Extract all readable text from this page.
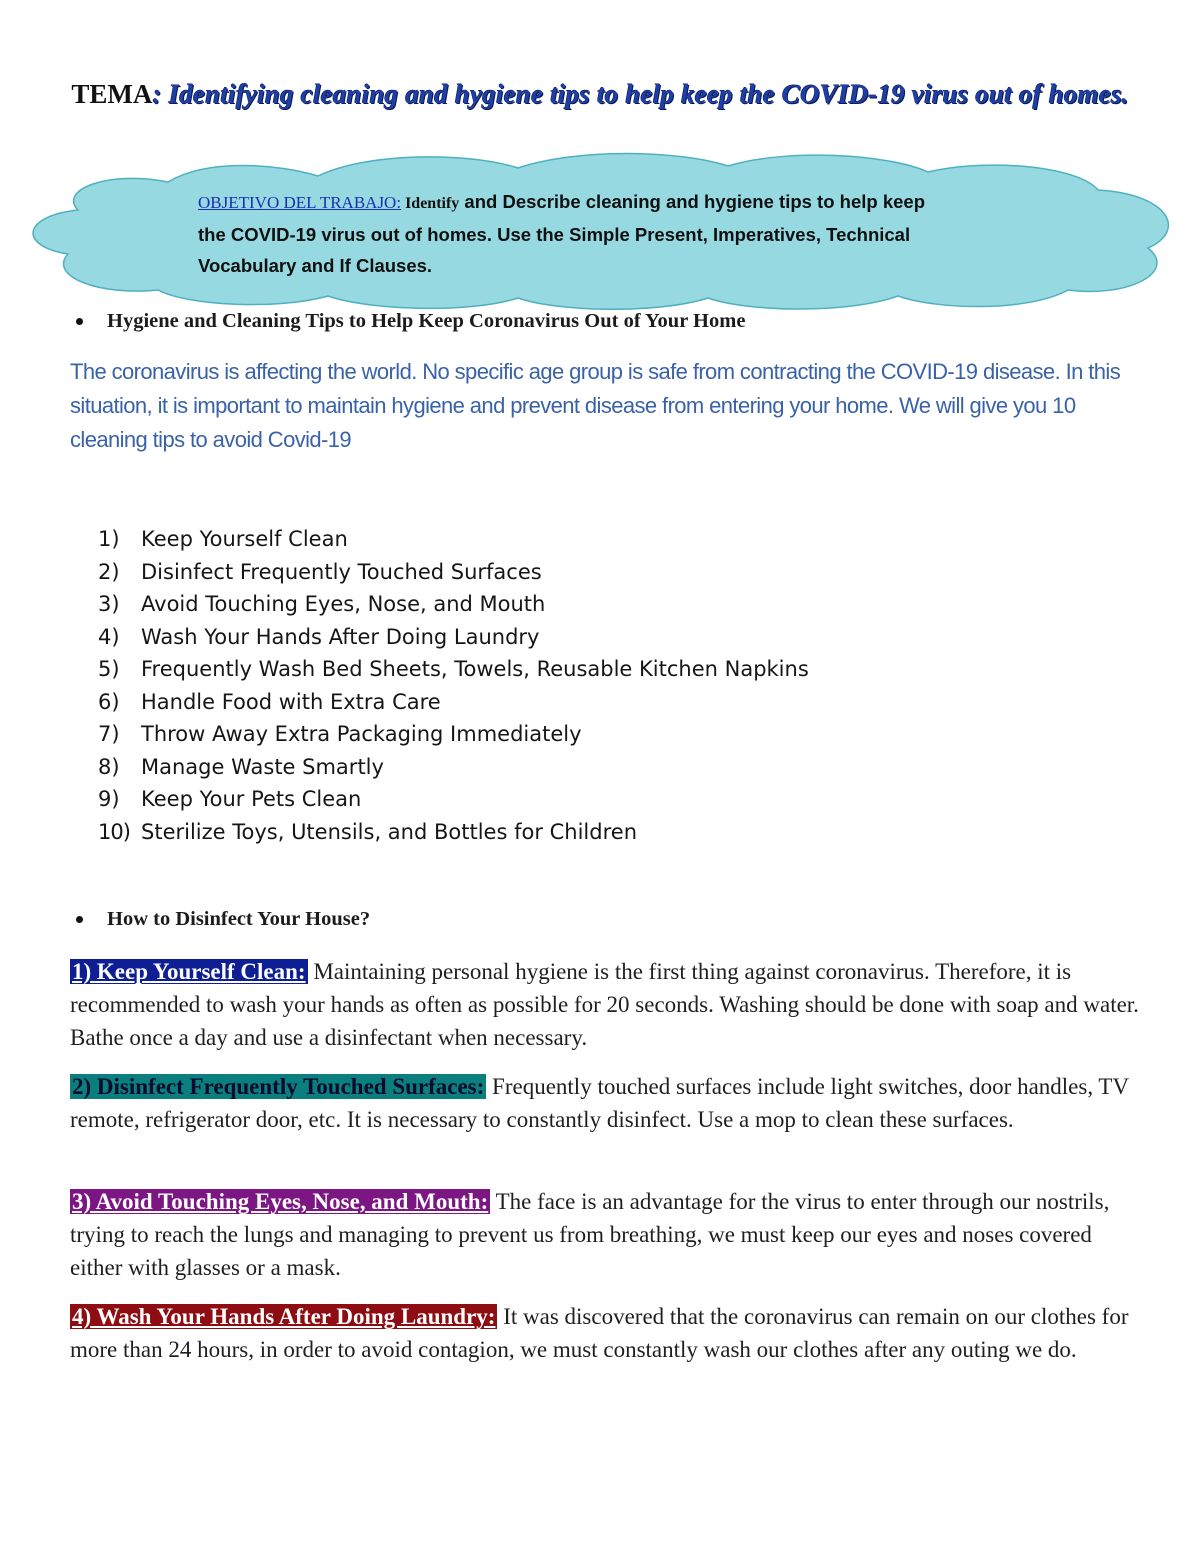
TEMA: Identifying cleaning and hygiene tips to help keep the COVID-19 virus out of homes.
OBJETIVO DEL TRABAJO: Identify and Describe cleaning and hygiene tips to help keep the COVID-19 virus out of homes. Use the Simple Present, Imperatives, Technical Vocabulary and If Clauses.
Hygiene and Cleaning Tips to Help Keep Coronavirus Out of Your Home
The coronavirus is affecting the world. No specific age group is safe from contracting the COVID-19 disease. In this situation, it is important to maintain hygiene and prevent disease from entering your home. We will give you 10 cleaning tips to avoid Covid-19
1)	Keep Yourself Clean
2)	Disinfect Frequently Touched Surfaces
3)	Avoid Touching Eyes, Nose, and Mouth
4)	Wash Your Hands After Doing Laundry
5)	Frequently Wash Bed Sheets, Towels, Reusable Kitchen Napkins
6)	Handle Food with Extra Care
7)	Throw Away Extra Packaging Immediately
8)	Manage Waste Smartly
9)	Keep Your Pets Clean
10) Sterilize Toys, Utensils, and Bottles for Children
How to Disinfect Your House?
1) Keep Yourself Clean: Maintaining personal hygiene is the first thing against coronavirus. Therefore, it is recommended to wash your hands as often as possible for 20 seconds. Washing should be done with soap and water. Bathe once a day and use a disinfectant when necessary.
2) Disinfect Frequently Touched Surfaces: Frequently touched surfaces include light switches, door handles, TV remote, refrigerator door, etc. It is necessary to constantly disinfect. Use a mop to clean these surfaces.
3) Avoid Touching Eyes, Nose, and Mouth: The face is an advantage for the virus to enter through our nostrils, trying to reach the lungs and managing to prevent us from breathing, we must keep our eyes and noses covered either with glasses or a mask.
4) Wash Your Hands After Doing Laundry: It was discovered that the coronavirus can remain on our clothes for more than 24 hours, in order to avoid contagion, we must constantly wash our clothes after any outing we do.
